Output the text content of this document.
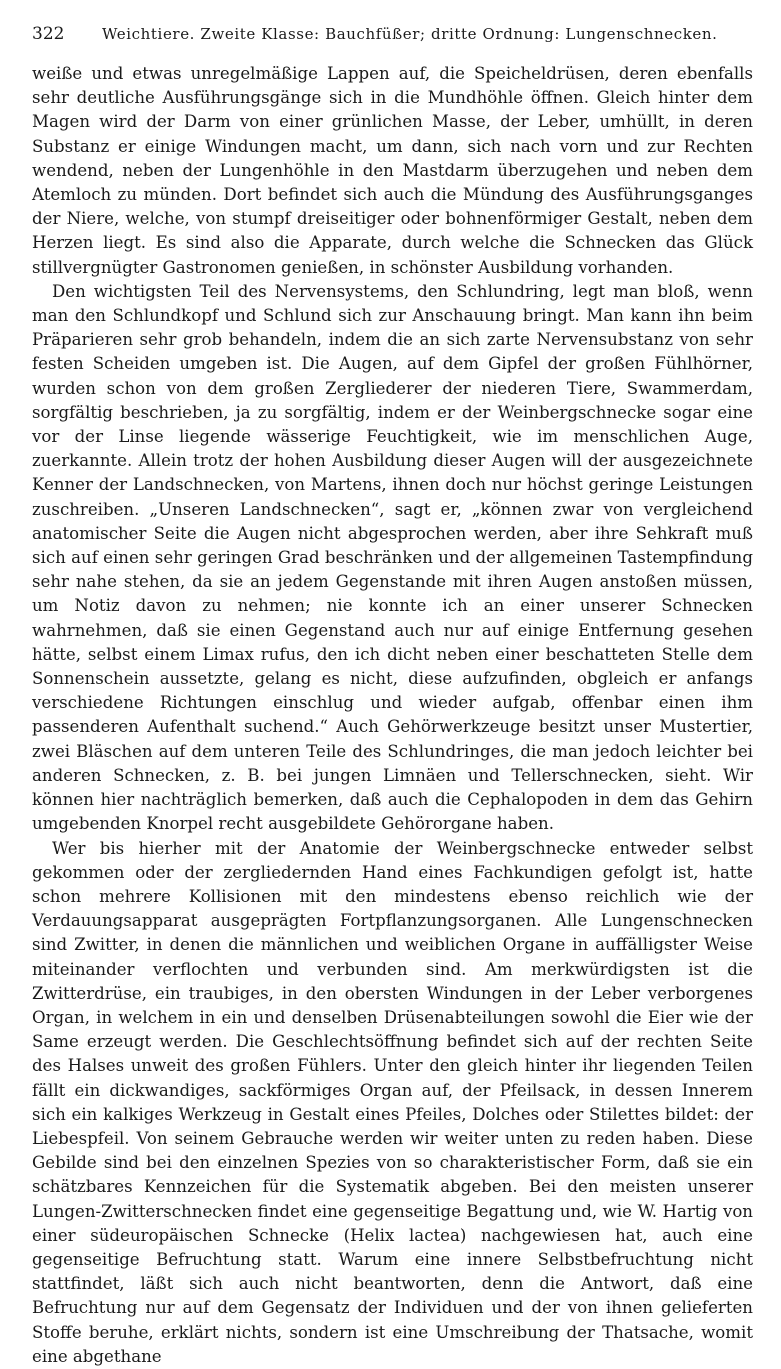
322	Weichtiere. Zweite Klasse: Bauchfüßer; dritte Ordnung: Lungenschnecken.

weiße und etwas unregelmäßige Lappen auf, die Speicheldrüsen, deren ebenfalls sehr deutliche Ausführungsgänge sich in die Mundhöhle öffnen. Gleich hinter dem Magen wird der Darm von einer grünlichen Masse, der Leber, umhüllt, in deren Substanz er einige Windungen macht, um dann, sich nach vorn und zur Rechten wendend, neben der Lungenhöhle in den Mastdarm überzugehen und neben dem Atemloch zu münden. Dort befindet sich auch die Mündung des Ausführungsganges der Niere, welche, von stumpf dreiseitiger oder bohnenförmiger Gestalt, neben dem Herzen liegt. Es sind also die Apparate, durch welche die Schnecken das Glück stillvergnügter Gastronomen genießen, in schönster Ausbildung vorhanden.

Den wichtigsten Teil des Nervensystems, den Schlundring, legt man bloß, wenn man den Schlundkopf und Schlund sich zur Anschauung bringt. Man kann ihn beim Präparieren sehr grob behandeln, indem die an sich zarte Nervensubstanz von sehr festen Scheiden umgeben ist. Die Augen, auf dem Gipfel der großen Fühlhörner, wurden schon von dem großen Zergliederer der niederen Tiere, Swammerdam, sorgfältig beschrieben, ja zu sorgfältig, indem er der Weinbergschnecke sogar eine vor der Linse liegende wässerige Feuchtigkeit, wie im menschlichen Auge, zuerkannte. Allein trotz der hohen Ausbildung dieser Augen will der ausgezeichnete Kenner der Landschnecken, von Martens, ihnen doch nur höchst geringe Leistungen zuschreiben. „Unseren Landschnecken“, sagt er, „können zwar von vergleichend anatomischer Seite die Augen nicht abgesprochen werden, aber ihre Sehkraft muß sich auf einen sehr geringen Grad beschränken und der allgemeinen Tastempfindung sehr nahe stehen, da sie an jedem Gegenstande mit ihren Augen anstoßen müssen, um Notiz davon zu nehmen; nie konnte ich an einer unserer Schnecken wahrnehmen, daß sie einen Gegenstand auch nur auf einige Entfernung gesehen hätte, selbst einem Limax rufus, den ich dicht neben einer beschatteten Stelle dem Sonnenschein aussetzte, gelang es nicht, diese aufzufinden, obgleich er anfangs verschiedene Richtungen einschlug und wieder aufgab, offenbar einen ihm passenderen Aufenthalt suchend.“ Auch Gehörwerkzeuge besitzt unser Mustertier, zwei Bläschen auf dem unteren Teile des Schlundringes, die man jedoch leichter bei anderen Schnecken, z. B. bei jungen Limnäen und Tellerschnecken, sieht. Wir können hier nachträglich bemerken, daß auch die Cephalopoden in dem das Gehirn umgebenden Knorpel recht ausgebildete Gehörorgane haben.

Wer bis hierher mit der Anatomie der Weinbergschnecke entweder selbst gekommen oder der zergliedernden Hand eines Fachkundigen gefolgt ist, hatte schon mehrere Kollisionen mit den mindestens ebenso reichlich wie der Verdauungsapparat ausgeprägten Fortpflanzungsorganen. Alle Lungenschnecken sind Zwitter, in denen die männlichen und weiblichen Organe in auffälligster Weise miteinander verflochten und verbunden sind. Am merkwürdigsten ist die Zwitterdrüse, ein traubiges, in den obersten Windungen in der Leber verborgenes Organ, in welchem in ein und denselben Drüsenabteilungen sowohl die Eier wie der Same erzeugt werden. Die Geschlechtsöffnung befindet sich auf der rechten Seite des Halses unweit des großen Fühlers. Unter den gleich hinter ihr liegenden Teilen fällt ein dickwandiges, sackförmiges Organ auf, der Pfeilsack, in dessen Innerem sich ein kalkiges Werkzeug in Gestalt eines Pfeiles, Dolches oder Stilettes bildet: der Liebespfeil. Von seinem Gebrauche werden wir weiter unten zu reden haben. Diese Gebilde sind bei den einzelnen Spezies von so charakteristischer Form, daß sie ein schätzbares Kennzeichen für die Systematik abgeben. Bei den meisten unserer Lungen-Zwitterschnecken findet eine gegenseitige Begattung und, wie W. Hartig von einer südeuropäischen Schnecke (Helix lactea) nachgewiesen hat, auch eine gegenseitige Befruchtung statt. Warum eine innere Selbstbefruchtung nicht stattfindet, läßt sich auch nicht beantworten, denn die Antwort, daß eine Befruchtung nur auf dem Gegensatz der Individuen und der von ihnen gelieferten Stoffe beruhe, erklärt nichts, sondern ist eine Umschreibung der Thatsache, womit eine abgethane
